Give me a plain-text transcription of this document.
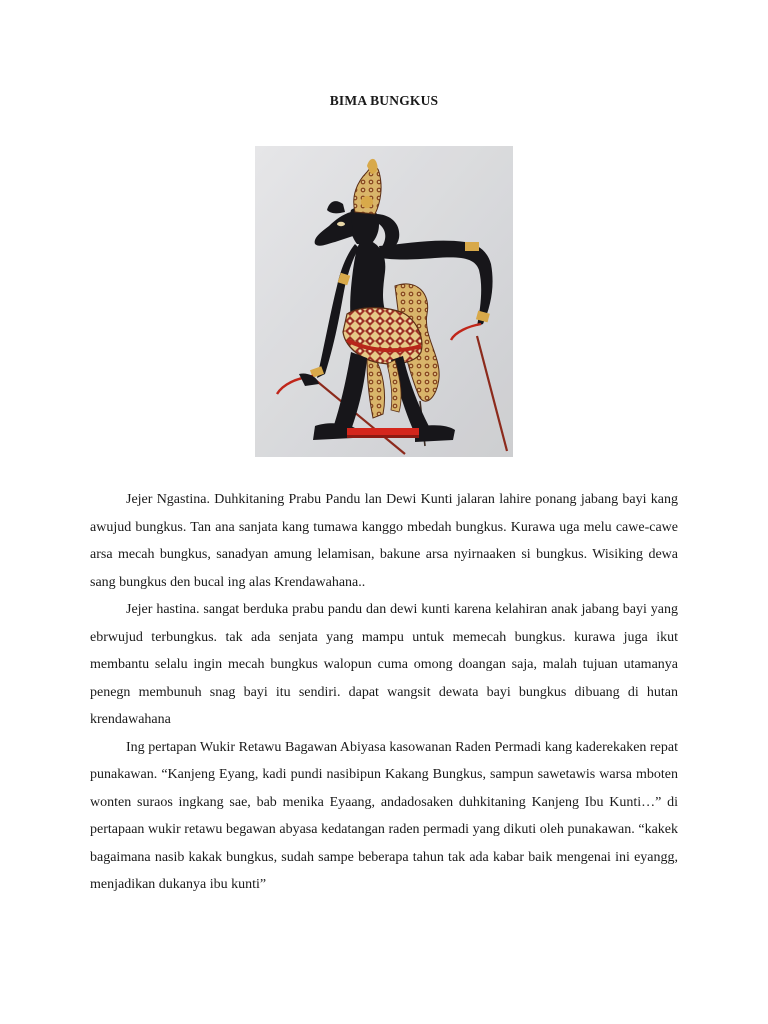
BIMA BUNGKUS

Jejer Ngastina. Duhkitaning Prabu Pandu lan Dewi Kunti jalaran lahire ponang jabang bayi kang awujud bungkus. Tan ana sanjata kang tumawa kanggo mbedah bungkus. Kurawa uga melu cawe-cawe arsa mecah bungkus, sanadyan amung lelamisan, bakune arsa nyirnaaken si bungkus. Wisiking dewa sang bungkus den bucal ing alas Krendawahana..

Jejer hastina. sangat berduka prabu pandu dan dewi kunti karena kelahiran anak jabang bayi yang ebrwujud terbungkus. tak ada senjata yang mampu untuk memecah bungkus. kurawa juga ikut membantu selalu ingin mecah bungkus walopun cuma omong doangan saja, malah tujuan utamanya penegn membunuh snag bayi itu sendiri. dapat wangsit dewata bayi bungkus dibuang di hutan krendawahana

Ing pertapan Wukir Retawu Bagawan Abiyasa kasowanan Raden Permadi kang kaderekaken repat punakawan. “Kanjeng Eyang, kadi pundi nasibipun Kakang Bungkus, sampun sawetawis warsa mboten wonten suraos ingkang sae, bab menika Eyaang, andadosaken duhkitaning Kanjeng Ibu Kunti…” di pertapaan wukir retawu begawan abyasa kedatangan raden permadi yang dikuti oleh punakawan. “kakek bagaimana nasib kakak bungkus, sudah sampe beberapa tahun tak ada kabar baik mengenai ini eyangg, menjadikan dukanya ibu kunti”
